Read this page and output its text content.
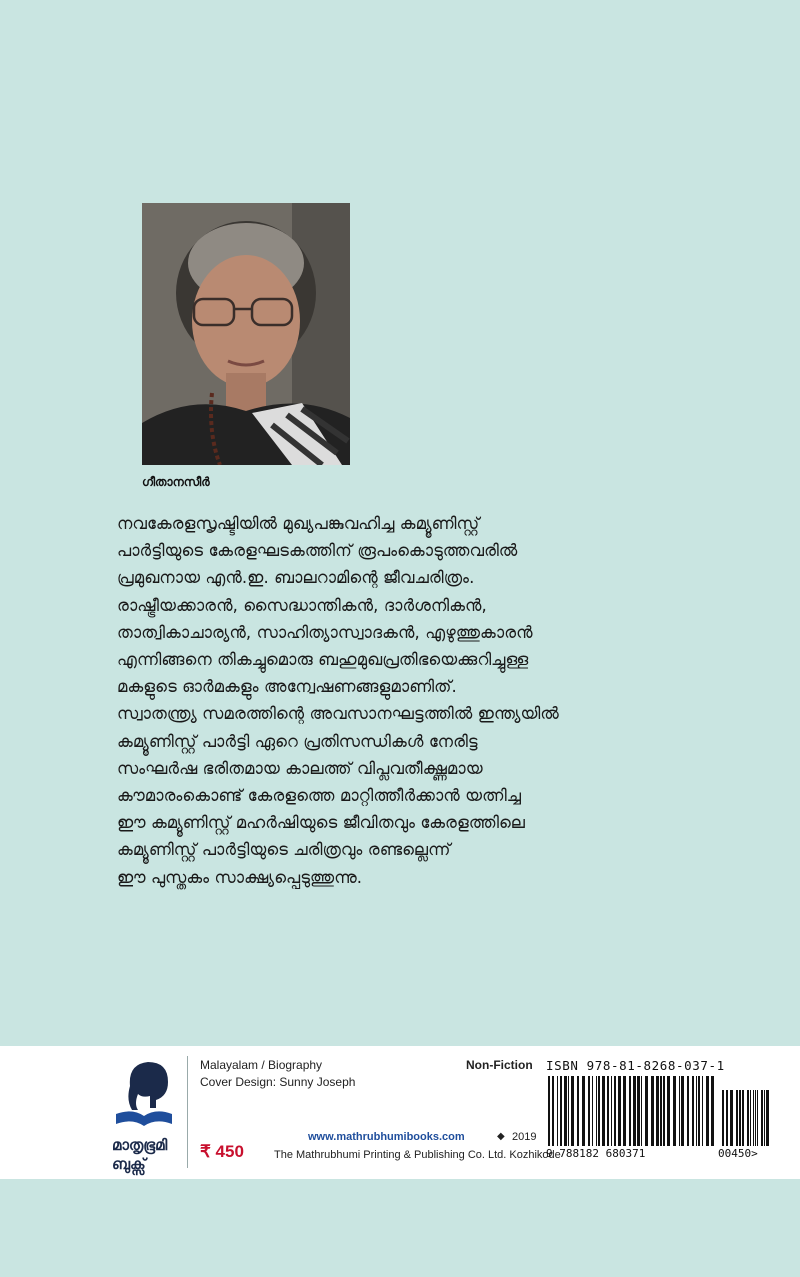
ഗീതാനസീർ
നവകേരളസൃഷ്ടിയിൽ മുഖ്യപങ്കുവഹിച്ച കമ്യൂണിസ്റ്റ്
പാർട്ടിയുടെ കേരളഘടകത്തിന് രൂപംകൊടുത്തവരിൽ
പ്രമുഖനായ എൻ.ഇ. ബാലറാമിന്റെ ജീവചരിത്രം.
രാഷ്ട്രീയക്കാരൻ, സൈദ്ധാന്തികൻ, ദാർശനികൻ,
താത്വികാചാര്യൻ, സാഹിത്യാസ്വാദകൻ, എഴുത്തുകാരൻ
എന്നിങ്ങനെ തികച്ചുമൊരു ബഹുമുഖപ്രതിഭയെക്കുറിച്ചുള്ള
മകളുടെ ഓർമകളും അന്വേഷണങ്ങളുമാണിത്.
സ്വാതന്ത്ര്യ സമരത്തിന്റെ അവസാനഘട്ടത്തിൽ ഇന്ത്യയിൽ
കമ്യൂണിസ്റ്റ് പാർട്ടി ഏറെ പ്രതിസന്ധികൾ നേരിട്ട
സംഘർഷ ഭരിതമായ കാലത്ത് വിപ്ലവതീക്ഷ്ണമായ
കൗമാരംകൊണ്ട് കേരളത്തെ മാറ്റിത്തീർക്കാൻ യത്നിച്ച
ഈ കമ്യൂണിസ്റ്റ് മഹർഷിയുടെ ജീവിതവും കേരളത്തിലെ
കമ്യൂണിസ്റ്റ് പാർട്ടിയുടെ ചരിത്രവും രണ്ടല്ലെന്ന്
ഈ പുസ്തകം സാക്ഷ്യപ്പെടുത്തുന്നു.
മാതൃഭൂമി
ബുക്സ്
Malayalam / Biography
Cover Design: Sunny Joseph
₹ 450
Non-Fiction
www.mathrubhumibooks.com	◆ 2019
The Mathrubhumi Printing & Publishing Co. Ltd. Kozhikode
ISBN 978-81-8268-037-1
9 788182 680371	00450>
